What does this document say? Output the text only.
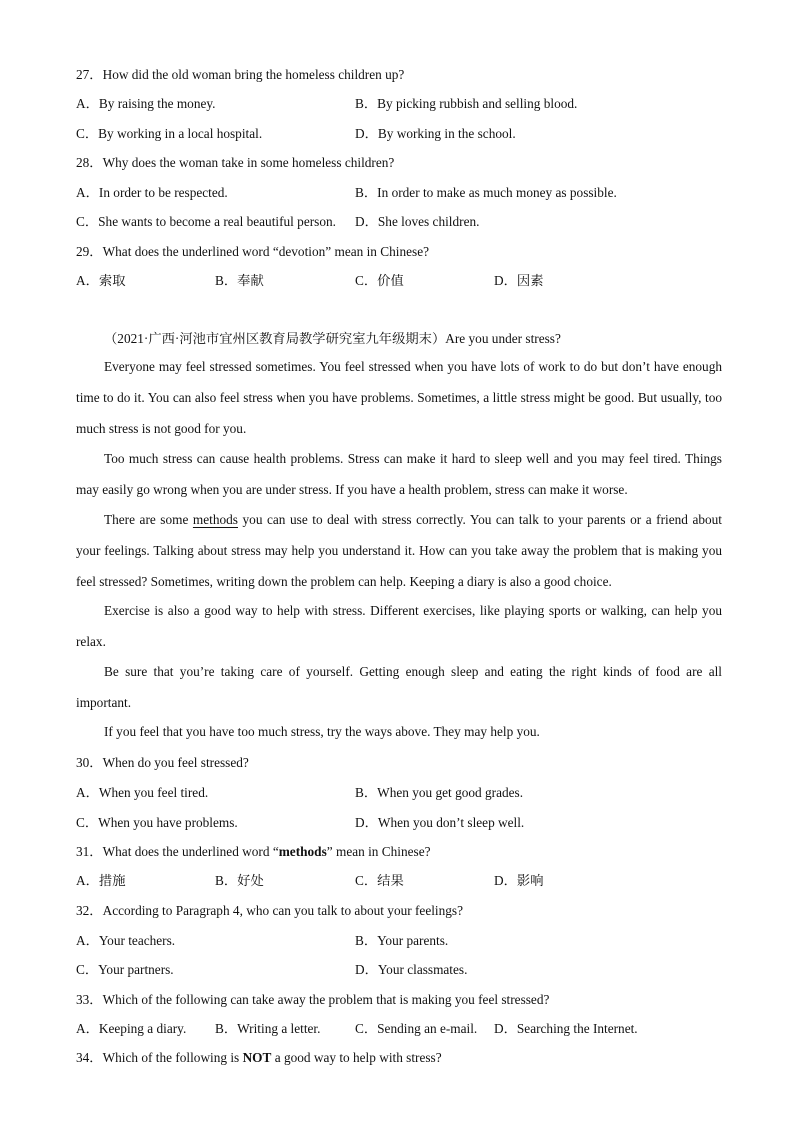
27．How did the old woman bring the homeless children up?
A．By raising the money.	B．By picking rubbish and selling blood.
C．By working in a local hospital.	D．By working in the school.
28．Why does the woman take in some homeless children?
A．In order to be respected.	B．In order to make as much money as possible.
C．She wants to become a real beautiful person. D．She loves children.
29．What does the underlined word “devotion” mean in Chinese?
A．索取	B．奉献	C．价值	D．因素
（2021·广西·河池市宜州区教育局教学研究室九年级期末）Are you under stress?

Everyone may feel stressed sometimes. You feel stressed when you have lots of work to do but don’t have enough time to do it. You can also feel stress when you have problems. Sometimes, a little stress might be good. But usually, too much stress is not good for you.

Too much stress can cause health problems. Stress can make it hard to sleep well and you may feel tired. Things may easily go wrong when you are under stress. If you have a health problem, stress can make it worse.

There are some methods you can use to deal with stress correctly. You can talk to your parents or a friend about your feelings. Talking about stress may help you understand it. How can you take away the problem that is making you feel stressed? Sometimes, writing down the problem can help. Keeping a diary is also a good choice.

Exercise is also a good way to help with stress. Different exercises, like playing sports or walking, can help you relax.

Be sure that you’re taking care of yourself. Getting enough sleep and eating the right kinds of food are all important.

If you feel that you have too much stress, try the ways above. They may help you.

30．When do you feel stressed?
A．When you feel tired.	B．When you get good grades.
C．When you have problems.	D．When you don’t sleep well.
31．What does the underlined word “methods” mean in Chinese?
A．措施	B．好处	C．结果	D．影响
32．According to Paragraph 4, who can you talk to about your feelings?
A．Your teachers.	B．Your parents.
C．Your partners.	D．Your classmates.
33．Which of the following can take away the problem that is making you feel stressed?
A．Keeping a diary. B．Writing a letter.	C．Sending an e-mail. D．Searching the Internet.
34．Which of the following is NOT a good way to help with stress?
